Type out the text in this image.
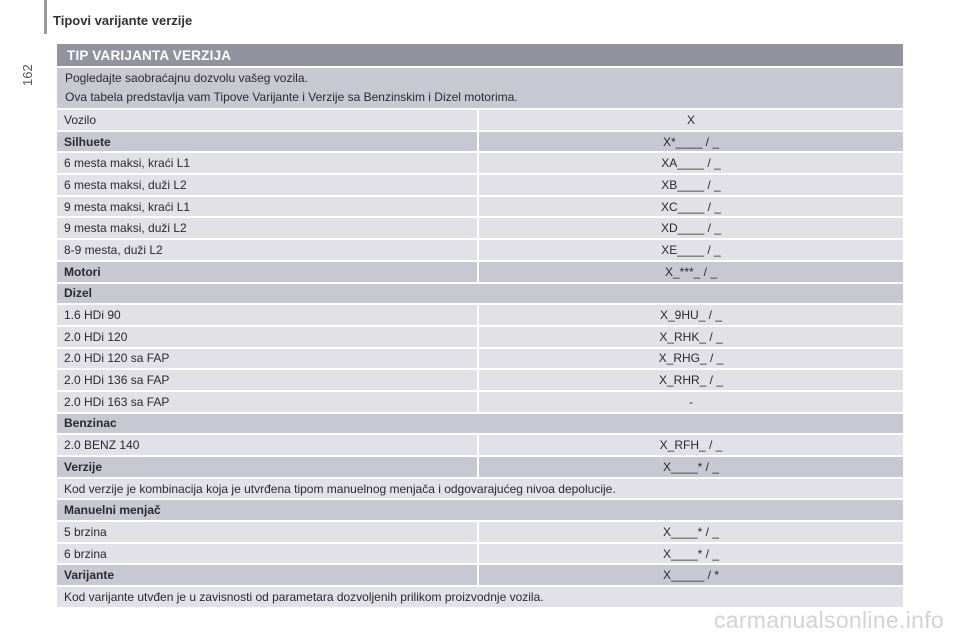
162
Tipovi varijante verzije
TIP VARIJANTA VERZIJA
Pogledajte saobraćajnu dozvolu vašeg vozila.
Ova tabela predstavlja vam Tipove Varijante i Verzije sa Benzinskim i Dizel motorima.
Vozilo	X
Silhuete	X*____ / _
6 mesta maksi, kraći L1	XA____ / _
6 mesta maksi, duži L2	XB____ / _
9 mesta maksi, kraći L1	XC____ / _
9 mesta maksi, duži L2	XD____ / _
8-9 mesta, duži L2	XE____ / _
Motori	X_***_ / _
Dizel
1.6 HDi 90	X_9HU_ / _
2.0 HDi 120	X_RHK_ / _
2.0 HDi 120 sa FAP	X_RHG_ / _
2.0 HDi 136 sa FAP	X_RHR_ / _
2.0 HDi 163 sa FAP	-
Benzinac
2.0 BENZ 140	X_RFH_ / _
Verzije	X____* / _
Kod verzije je kombinacija koja je utvrđena tipom manuelnog menjača i odgovarajućeg nivoa depolucije.
Manuelni menjač
5 brzina	X____* / _
6 brzina	X____* / _
Varijante	X_____ / *
Kod varijante utvđen je u zavisnosti od parametara dozvoljenih prilikom proizvodnje vozila.
carmanualsonline.info
